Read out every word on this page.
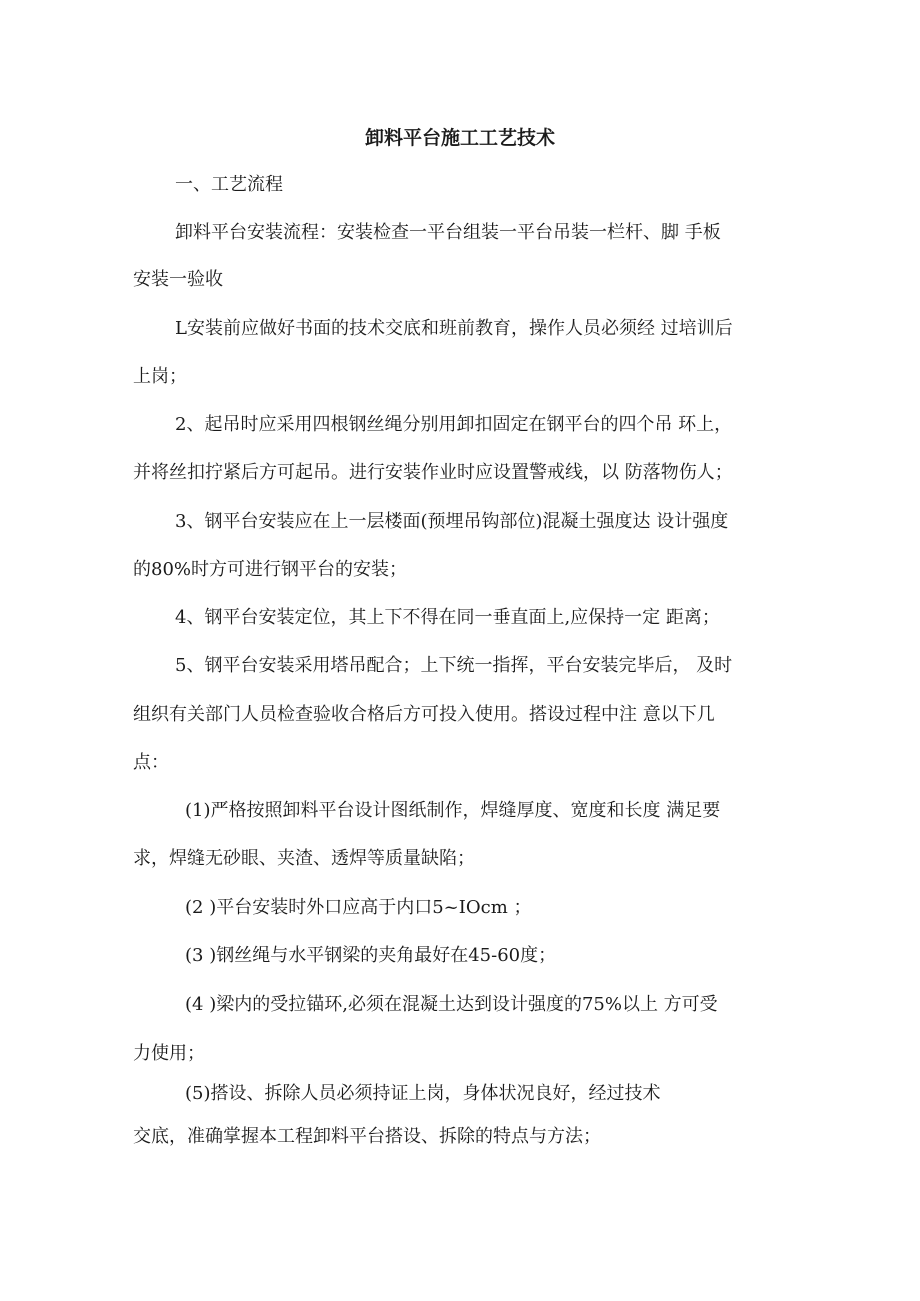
卸料平台施工工艺技术
一、工艺流程
卸料平台安装流程：安装检查一平台组装一平台吊装一栏杆、脚 手板
安装一验收
L安装前应做好书面的技术交底和班前教育，操作人员必须经 过培训后
上岗；
2、起吊时应采用四根钢丝绳分别用卸扣固定在钢平台的四个吊 环上，
并将丝扣拧紧后方可起吊。进行安装作业时应设置警戒线，以 防落物伤人；
3、钢平台安装应在上一层楼面(预埋吊钩部位)混凝土强度达 设计强度
的80%时方可进行钢平台的安装；
4、钢平台安装定位，其上下不得在同一垂直面上,应保持一定 距离；
5、钢平台安装采用塔吊配合；上下统一指挥，平台安装完毕后， 及时
组织有关部门人员检查验收合格后方可投入使用。搭设过程中注 意以下几
点：
(1)严格按照卸料平台设计图纸制作，焊缝厚度、宽度和长度 满足要
求，焊缝无砂眼、夹渣、透焊等质量缺陷；
(2 )平台安装时外口应高于内口5~IOcm ；
(3 )钢丝绳与水平钢梁的夹角最好在45-60度；
(4 )梁内的受拉锚环,必须在混凝土达到设计强度的75%以上 方可受
力使用；
(5)搭设、拆除人员必须持证上岗，身体状况良好，经过技术
交底，准确掌握本工程卸料平台搭设、拆除的特点与方法；
